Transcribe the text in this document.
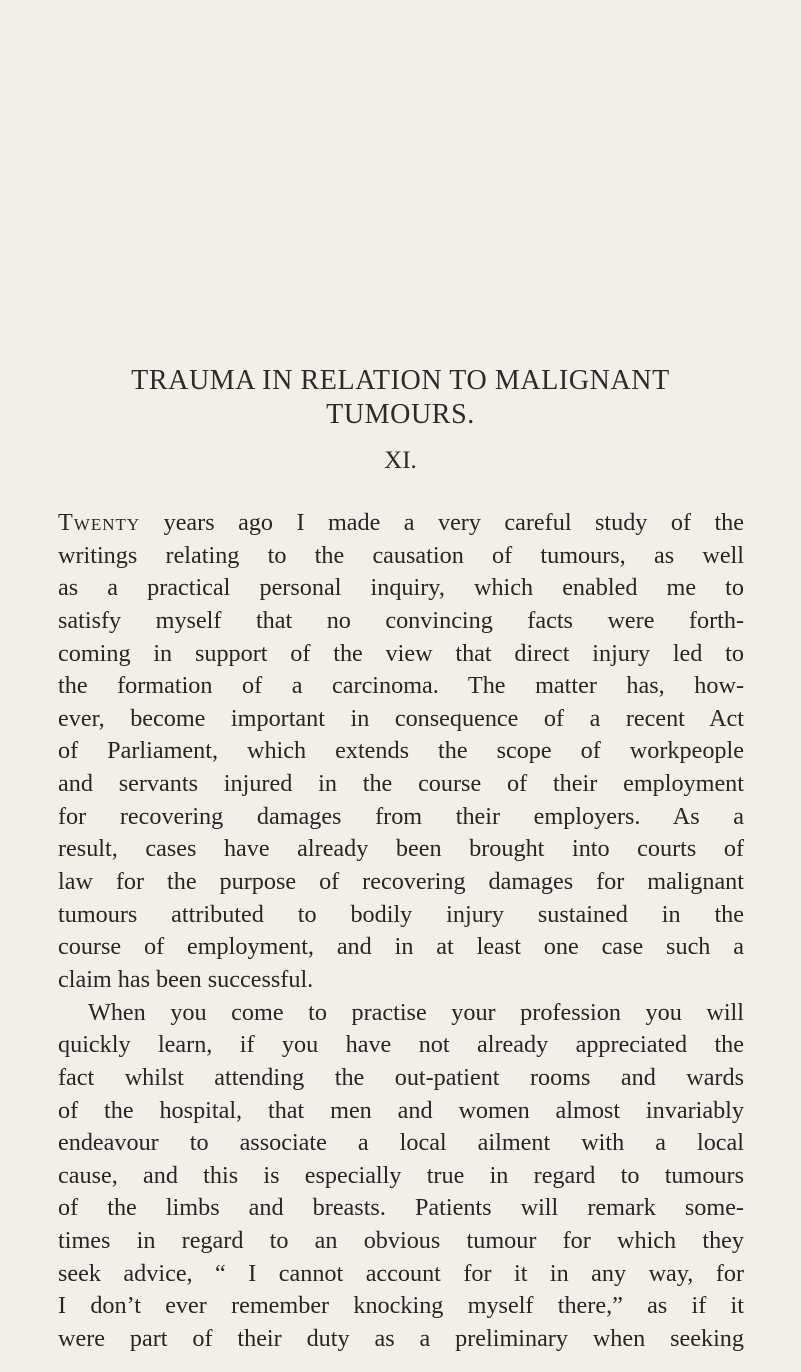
TRAUMA IN RELATION TO MALIGNANT
TUMOURS.
XI.
Twenty years ago I made a very careful study of the
writings relating to the causation of tumours, as well
as a practical personal inquiry, which enabled me to
satisfy myself that no convincing facts were forth-
coming in support of the view that direct injury led to
the formation of a carcinoma. The matter has, how-
ever, become important in consequence of a recent Act
of Parliament, which extends the scope of workpeople
and servants injured in the course of their employment
for recovering damages from their employers. As a
result, cases have already been brought into courts of
law for the purpose of recovering damages for malignant
tumours attributed to bodily injury sustained in the
course of employment, and in at least one case such a
claim has been successful.
When you come to practise your profession you will
quickly learn, if you have not already appreciated the
fact whilst attending the out-patient rooms and wards
of the hospital, that men and women almost invariably
endeavour to associate a local ailment with a local
cause, and this is especially true in regard to tumours
of the limbs and breasts. Patients will remark some-
times in regard to an obvious tumour for which they
seek advice, “ I cannot account for it in any way, for
I don’t ever remember knocking myself there,” as if it
were part of their duty as a preliminary when seeking
